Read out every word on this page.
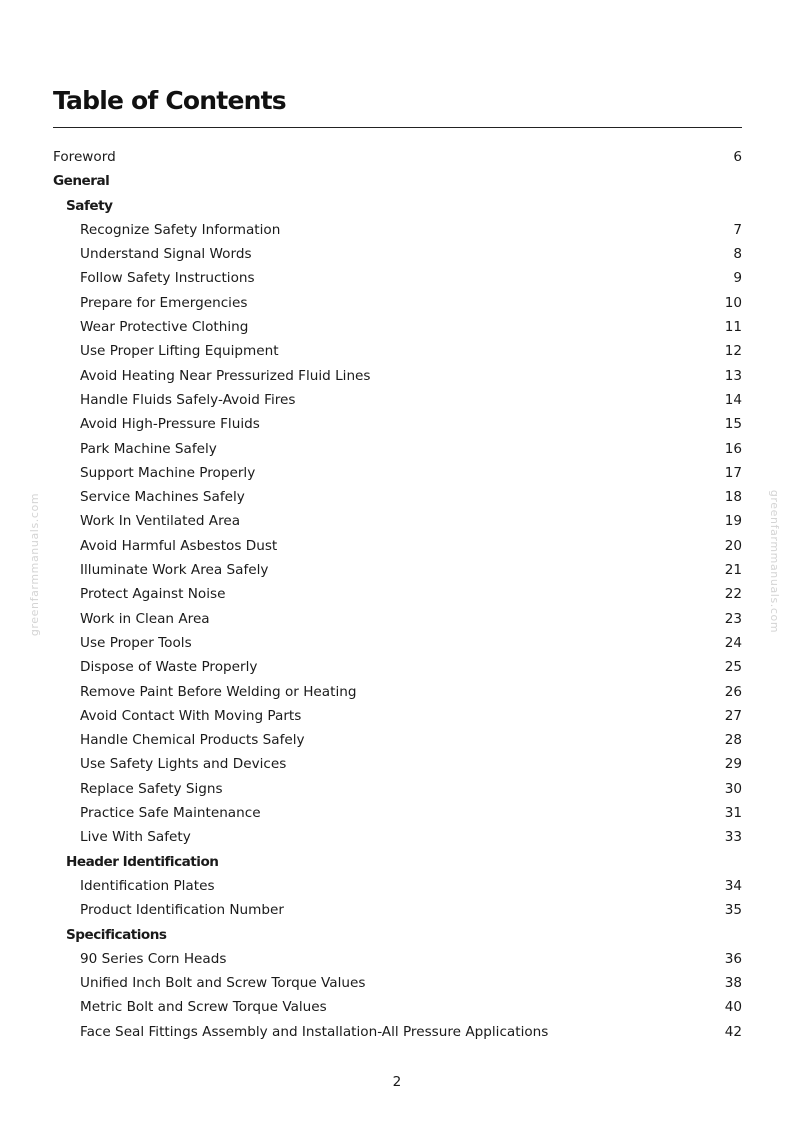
Table of Contents
Foreword	6
General
Safety
Recognize Safety Information	7
Understand Signal Words	8
Follow Safety Instructions	9
Prepare for Emergencies	10
Wear Protective Clothing	11
Use Proper Lifting Equipment	12
Avoid Heating Near Pressurized Fluid Lines	13
Handle Fluids Safely-Avoid Fires	14
Avoid High-Pressure Fluids	15
Park Machine Safely	16
Support Machine Properly	17
Service Machines Safely	18
Work In Ventilated Area	19
Avoid Harmful Asbestos Dust	20
Illuminate Work Area Safely	21
Protect Against Noise	22
Work in Clean Area	23
Use Proper Tools	24
Dispose of Waste Properly	25
Remove Paint Before Welding or Heating	26
Avoid Contact With Moving Parts	27
Handle Chemical Products Safely	28
Use Safety Lights and Devices	29
Replace Safety Signs	30
Practice Safe Maintenance	31
Live With Safety	33
Header Identification
Identification Plates	34
Product Identification Number	35
Specifications
90 Series Corn Heads	36
Unified Inch Bolt and Screw Torque Values	38
Metric Bolt and Screw Torque Values	40
Face Seal Fittings Assembly and Installation-All Pressure Applications	42
greenfarmmanuals.com	greenfarmmanuals.com
2
